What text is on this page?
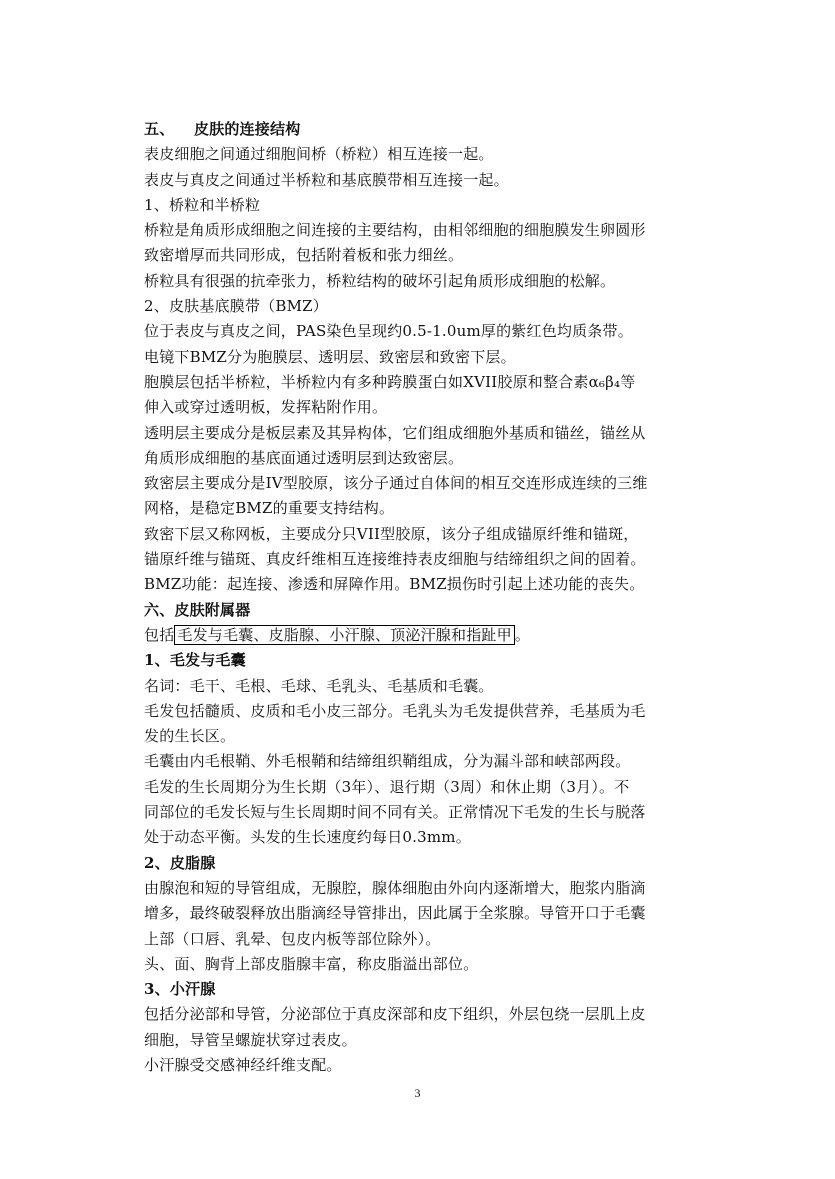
五、 皮肤的连接结构
表皮细胞之间通过细胞间桥（桥粒）相互连接一起。
表皮与真皮之间通过半桥粒和基底膜带相互连接一起。
1、桥粒和半桥粒
桥粒是角质形成细胞之间连接的主要结构，由相邻细胞的细胞膜发生卵圆形
致密增厚而共同形成，包括附着板和张力细丝。
桥粒具有很强的抗牵张力，桥粒结构的破坏引起角质形成细胞的松解。
2、皮肤基底膜带（BMZ）
位于表皮与真皮之间，PAS染色呈现约0.5-1.0um厚的紫红色均质条带。
电镜下BMZ分为胞膜层、透明层、致密层和致密下层。
胞膜层包括半桥粒，半桥粒内有多种跨膜蛋白如XVII胶原和整合素α₆β₄等
伸入或穿过透明板，发挥粘附作用。
透明层主要成分是板层素及其异构体，它们组成细胞外基质和锚丝，锚丝从
角质形成细胞的基底面通过透明层到达致密层。
致密层主要成分是IV型胶原，该分子通过自体间的相互交连形成连续的三维
网格，是稳定BMZ的重要支持结构。
致密下层又称网板，主要成分只VII型胶原，该分子组成锚原纤维和锚斑，
锚原纤维与锚斑、真皮纤维相互连接维持表皮细胞与结缔组织之间的固着。
BMZ功能：起连接、渗透和屏障作用。BMZ损伤时引起上述功能的丧失。
六、皮肤附属器
包括 毛发与毛囊、皮脂腺、小汗腺、顶泌汗腺和指趾甲 。
1、毛发与毛囊
名词：毛干、毛根、毛球、毛乳头、毛基质和毛囊。
毛发包括髓质、皮质和毛小皮三部分。毛乳头为毛发提供营养，毛基质为毛
发的生长区。
毛囊由内毛根鞘、外毛根鞘和结缔组织鞘组成，分为漏斗部和峡部两段。
毛发的生长周期分为生长期（3年）、退行期（3周）和休止期（3月）。不
同部位的毛发长短与生长周期时间不同有关。正常情况下毛发的生长与脱落
处于动态平衡。头发的生长速度约每日0.3mm。
2、皮脂腺
由腺泡和短的导管组成，无腺腔，腺体细胞由外向内逐渐增大，胞浆内脂滴
增多，最终破裂释放出脂滴经导管排出，因此属于全浆腺。导管开口于毛囊
上部（口唇、乳晕、包皮内板等部位除外）。
头、面、胸背上部皮脂腺丰富，称皮脂溢出部位。
3、小汗腺
包括分泌部和导管，分泌部位于真皮深部和皮下组织，外层包绕一层肌上皮
细胞，导管呈螺旋状穿过表皮。
小汗腺受交感神经纤维支配。
3
